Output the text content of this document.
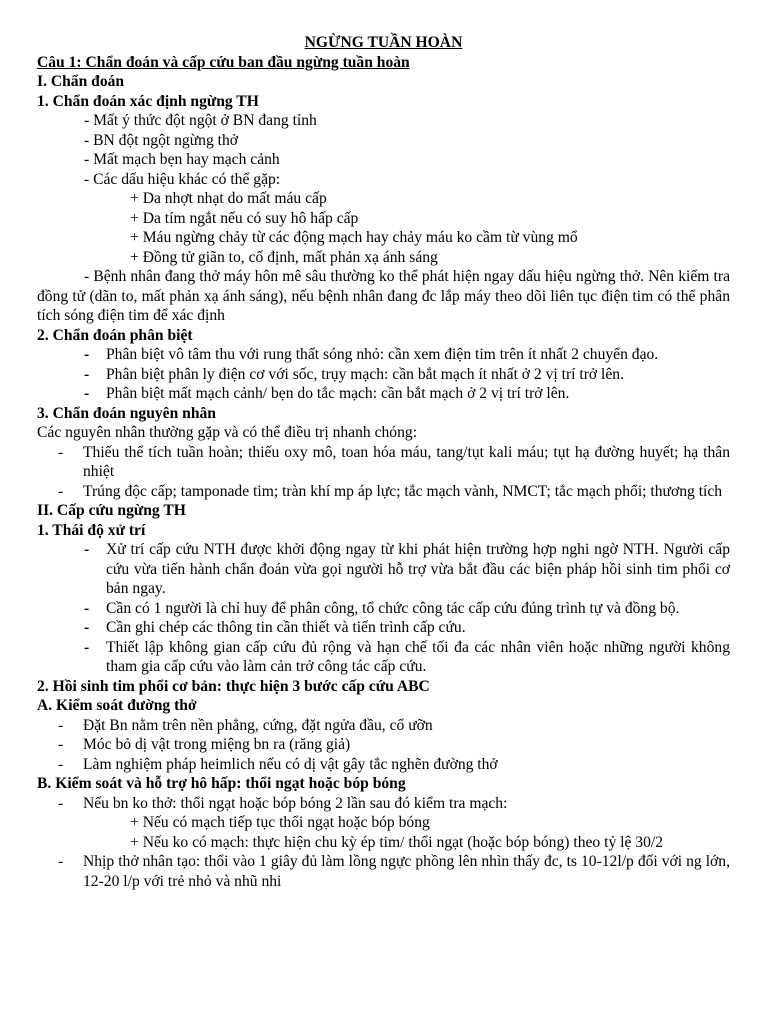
NGỪNG TUẦN HOÀN
Câu 1: Chẩn đoán và cấp cứu ban đầu ngừng tuần hoàn
I. Chẩn đoán
1. Chẩn đoán xác định ngừng TH
- Mất ý thức đột ngột ở BN đang tỉnh
- BN đột ngột ngừng thở
- Mất mạch bẹn hay mạch cảnh
- Các dấu hiệu khác có thể gặp:
+ Da nhợt nhạt do mất máu cấp
+ Da tím ngắt nếu có suy hô hấp cấp
+ Máu ngừng chảy từ các động mạch hay chảy máu ko cầm từ vùng mổ
+ Đồng tử giãn to, cố định, mất phản xạ ánh sáng
- Bệnh nhân đang thở máy hôn mê sâu thường ko thể phát hiện ngay dấu hiệu ngừng thở. Nên kiểm tra đồng tử (dãn to, mất phản xạ ánh sáng), nếu bệnh nhân đang đc lắp máy theo dõi liên tục điện tim có thể phân tích sóng điện tim để xác định
2. Chẩn đoán phân biệt
- Phân biệt vô tâm thu với rung thất sóng nhỏ: cần xem điện tim trên ít nhất 2 chuyển đạo.
- Phân biệt phân ly điện cơ với sốc, trụy mạch: cần bắt mạch ít nhất ở 2 vị trí trở lên.
- Phân biệt mất mạch cảnh/ bẹn do tắc mạch: cần bắt mạch ở 2 vị trí trở lên.
3. Chẩn đoán nguyên nhân
Các nguyên nhân thường gặp và có thể điều trị nhanh chóng:
- Thiếu thể tích tuần hoàn; thiếu oxy mô, toan hóa máu, tang/tụt kali máu; tụt hạ đường huyết; hạ thân nhiệt
- Trúng độc cấp; tamponade tim; tràn khí mp áp lực; tắc mạch vành, NMCT; tắc mạch phổi; thương tích
II. Cấp cứu ngừng TH
1. Thái độ xử trí
- Xử trí cấp cứu NTH được khởi động ngay từ khi phát hiện trường hợp nghi ngờ NTH. Người cấp cứu vừa tiến hành chẩn đoán vừa gọi người hỗ trợ vừa bắt đầu các biện pháp hồi sinh tim phổi cơ bản ngay.
- Cần có 1 người là chỉ huy để phân công, tổ chức công tác cấp cứu đúng trình tự và đồng bộ.
- Cần ghi chép các thông tin cần thiết và tiến trình cấp cứu.
- Thiết lập không gian cấp cứu đủ rộng và hạn chế tối đa các nhân viên hoặc những người không tham gia cấp cứu vào làm cản trở công tác cấp cứu.
2. Hồi sinh tim phổi cơ bản: thực hiện 3 bước cấp cứu ABC
A. Kiểm soát đường thở
- Đặt Bn nằm trên nền phẳng, cứng, đặt ngửa đầu, cổ ưỡn
- Móc bỏ dị vật trong miệng bn ra (răng giả)
- Làm nghiệm pháp heimlich nếu có dị vật gây tắc nghẽn đường thở
B. Kiểm soát và hỗ trợ hô hấp: thổi ngạt hoặc bóp bóng
- Nếu bn ko thở: thổi ngạt hoặc bóp bóng 2 lần sau đó kiểm tra mạch:
+ Nếu có mạch tiếp tục thổi ngạt hoặc bóp bóng
+ Nếu ko có mạch: thực hiện chu kỳ ép tim/ thổi ngạt (hoặc bóp bóng) theo tỷ lệ 30/2
- Nhịp thở nhân tạo: thổi vào 1 giây đủ làm lồng ngực phồng lên nhìn thấy đc, ts 10-12l/p đối với ng lớn, 12-20 l/p với trẻ nhỏ và nhũ nhi
